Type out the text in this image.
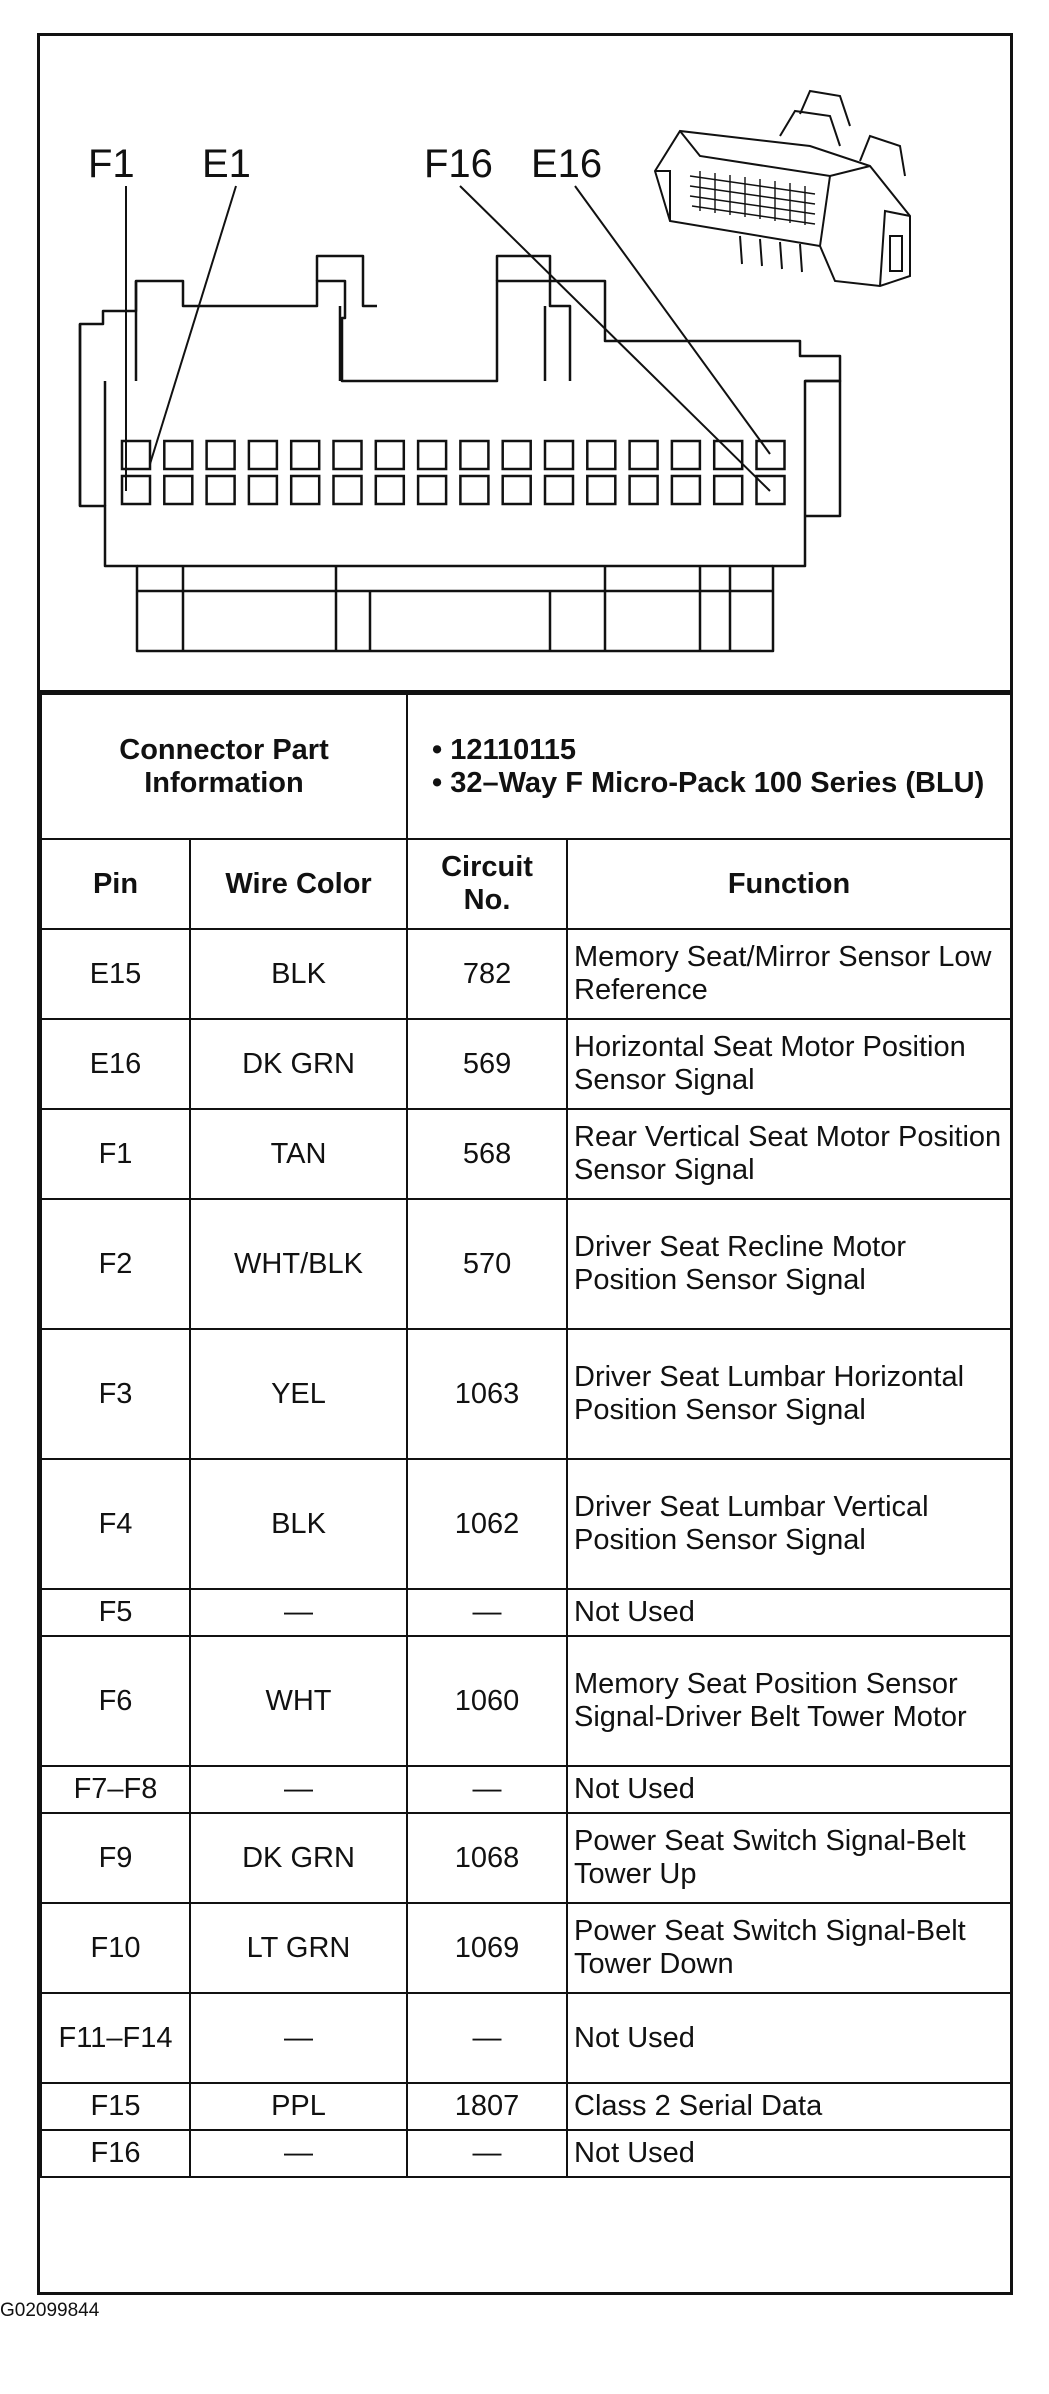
F1 E1	F16 E16
Connector Part Information		• 12110115
• 32–Way F Micro-Pack 100 Series (BLU)	

Pin	Wire Color	Circuit No.	Function
E15	BLK	782	Memory Seat/Mirror Sensor Low Reference
E16	DK GRN	569	Horizontal Seat Motor Position Sensor Signal
F1	TAN	568	Rear Vertical Seat Motor Position Sensor Signal
F2	WHT/BLK	570	Driver Seat Recline Motor Position Sensor Signal
F3	YEL	1063	Driver Seat Lumbar Horizontal Position Sensor Signal
F4	BLK	1062	Driver Seat Lumbar Vertical Position Sensor Signal
F5	—	—	Not Used
F6	WHT	1060	Memory Seat Position Sensor Signal-Driver Belt Tower Motor
F7–F8	—	—	Not Used
F9	DK GRN	1068	Power Seat Switch Signal-Belt Tower Up
F10	LT GRN	1069	Power Seat Switch Signal-Belt Tower Down
F11–F14	—	—	Not Used
F15	PPL	1807	Class 2 Serial Data
F16	—	—	Not Used
G02099844
